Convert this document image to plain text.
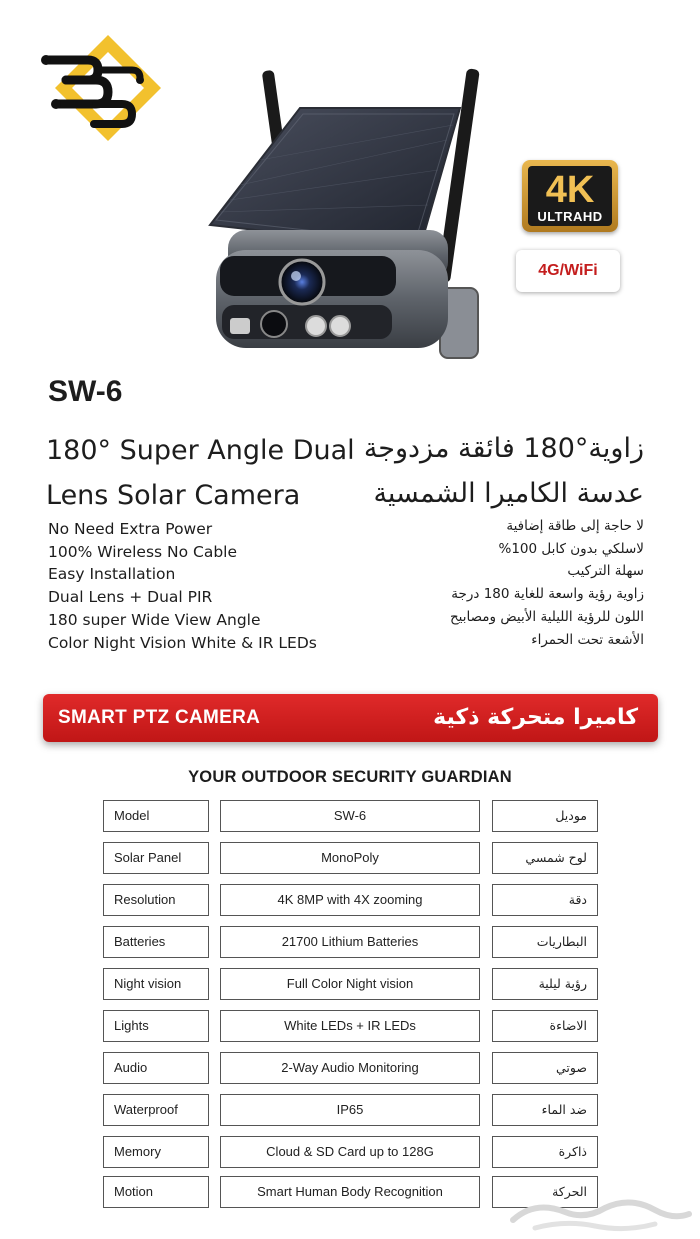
4K
ULTRAHD
4G/WiFi
SW-6
180° Super Angle Dual
Lens Solar Camera
زاوية°180 فائقة مزدوجة
عدسة الكاميرا الشمسية
No Need Extra Power
100% Wireless No Cable
Easy Installation
Dual Lens + Dual PIR
180 super Wide View Angle
Color Night Vision White & IR LEDs
لا حاجة إلى طاقة إضافية
لاسلكي بدون كابل 100%
سهلة التركيب
زاوية رؤية واسعة للغاية 180 درجة
اللون للرؤية الليلية الأبيض ومصابيح
الأشعة تحت الحمراء
SMART PTZ CAMERA	كاميرا متحركة ذكية
YOUR OUTDOOR SECURITY GUARDIAN
Model	SW-6	موديل
Solar Panel	MonoPoly	لوح شمسي
Resolution	4K 8MP with 4X zooming	دقة
Batteries	21700 Lithium Batteries	البطاريات
Night vision	Full Color Night vision	رؤية ليلية
Lights	White LEDs + IR LEDs	الاضاءة
Audio	2-Way Audio Monitoring	صوتي
Waterproof	IP65	ضد الماء
Memory	Cloud & SD Card up to 128G	ذاكرة
Motion	Smart Human Body Recognition	الحركة
